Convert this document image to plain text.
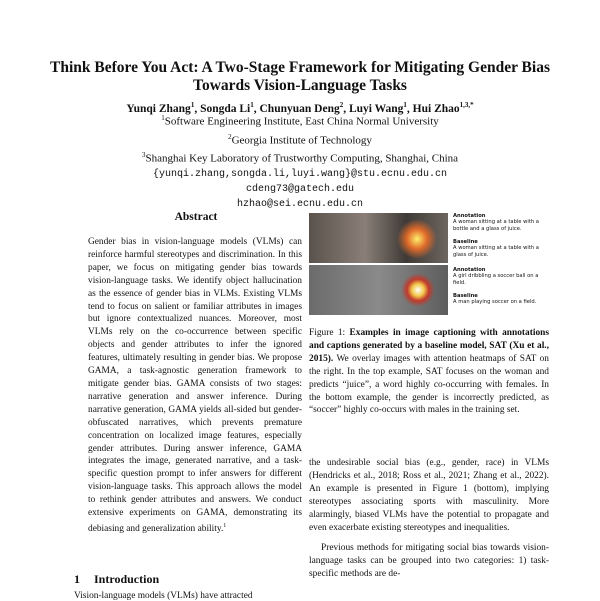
Think Before You Act: A Two-Stage Framework for Mitigating Gender Bias Towards Vision-Language Tasks
Yunqi Zhang$^1$, Songda Li$^1$, Chunyuan Deng$^2$, Luyi Wang$^1$, Hui Zhao$^{1,3,*}$
$^1$Software Engineering Institute, East China Normal University
$^2$Georgia Institute of Technology
$^3$Shanghai Key Laboratory of Trustworthy Computing, Shanghai, China
{yunqi.zhang,songda.li,luyi.wang}@stu.ecnu.edu.cn
cdeng73@gatech.edu
hzhao@sei.ecnu.edu.cn
Abstract
Gender bias in vision-language models (VLMs) can reinforce harmful stereotypes and discrimination. In this paper, we focus on mitigating gender bias towards vision-language tasks. We identify object hallucination as the essence of gender bias in VLMs. Existing VLMs tend to focus on salient or familiar attributes in images but ignore contextualized nuances. Moreover, most VLMs rely on the co-occurrence between specific objects and gender attributes to infer the ignored features, ultimately resulting in gender bias. We propose GAMA, a task-agnostic generation framework to mitigate gender bias. GAMA consists of two stages: narrative generation and answer inference. During narrative generation, GAMA yields all-sided but gender-obfuscated narratives, which prevents premature concentration on localized image features, especially gender attributes. During answer inference, GAMA integrates the image, generated narrative, and a task-specific question prompt to infer answers for different vision-language tasks. This approach allows the model to rethink gender attributes and answers. We conduct extensive experiments on GAMA, demonstrating its debiasing and generalization ability.$^1$
1 Introduction
Vision-language models (VLMs) have attracted
Annotation
A woman sitting at a table with a bottle and a glass of juice.
Baseline
A woman sitting at a table with a glass of juice.
Annotation
A girl dribbling a soccer ball on a field.
Baseline
A man playing soccer on a field.
Figure 1: Examples in image captioning with annotations and captions generated by a baseline model, SAT (Xu et al., 2015). We overlay images with attention heatmaps of SAT on the right. In the top example, SAT focuses on the woman and predicts “juice”, a word highly co-occurring with females. In the bottom example, the gender is incorrectly predicted, as “soccer” highly co-occurs with males in the training set.

the undesirable social bias (e.g., gender, race) in VLMs (Hendricks et al., 2018; Ross et al., 2021; Zhang et al., 2022). An example is presented in Figure 1 (bottom), implying stereotypes associating sports with masculinity. More alarmingly, biased VLMs have the potential to propagate and even exacerbate existing stereotypes and inequalities.

Previous methods for mitigating social bias towards vision-language tasks can be grouped into two categories: 1) task-specific methods are de-
